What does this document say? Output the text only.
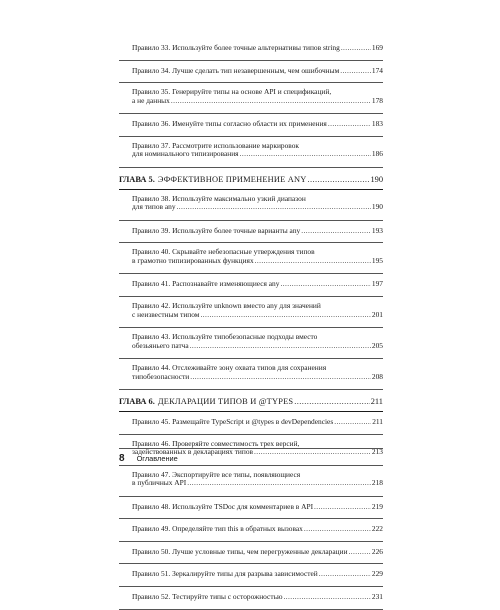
Правило 33. Используйте более точные альтернативы типов string .....	169
Правило 34. Лучше сделать тип незавершенным, чем ошибочным .....	174
Правило 35. Генерируйте типы на основе API и спецификаций,
а не данных .....	178
Правило 36. Именуйте типы согласно области их применения .....	183
Правило 37. Рассмотрите использование маркировок
для номинального типизирования .....	186
ГЛАВА 5. ЭФФЕКТИВНОЕ ПРИМЕНЕНИЕ ANY .....	190
Правило 38. Используйте максимально узкий диапазон
для типов any .....	190
Правило 39. Используйте более точные варианты any .....	193
Правило 40. Скрывайте небезопасные утверждения типов
в грамотно типизированных функциях .....	195
Правило 41. Распознавайте изменяющиеся any .....	197
Правило 42. Используйте unknown вместо any для значений
с неизвестным типом .....	201
Правило 43. Используйте типобезопасные подходы вместо
обезьяньего патча .....	205
Правило 44. Отслеживайте зону охвата типов для сохранения
типобезопасности .....	208
ГЛАВА 6. ДЕКЛАРАЦИИ ТИПОВ И @TYPES .....	211
Правило 45. Размещайте TypeScript и @types в devDependencies .....	211
Правило 46. Проверяйте совместимость трех версий,
задействованных в декларациях типов .....	213
Правило 47. Экспортируйте все типы, появляющиеся
в публичных API .....	218
Правило 48. Используйте TSDoc для комментариев в API .....	219
Правило 49. Определяйте тип this в обратных вызовах .....	222
Правило 50. Лучше условные типы, чем перегруженные декларации .....	226
Правило 51. Зеркалируйте типы для разрыва зависимостей .....	229
Правило 52. Тестируйте типы с осторожностью .....	231
8 Оглавление
